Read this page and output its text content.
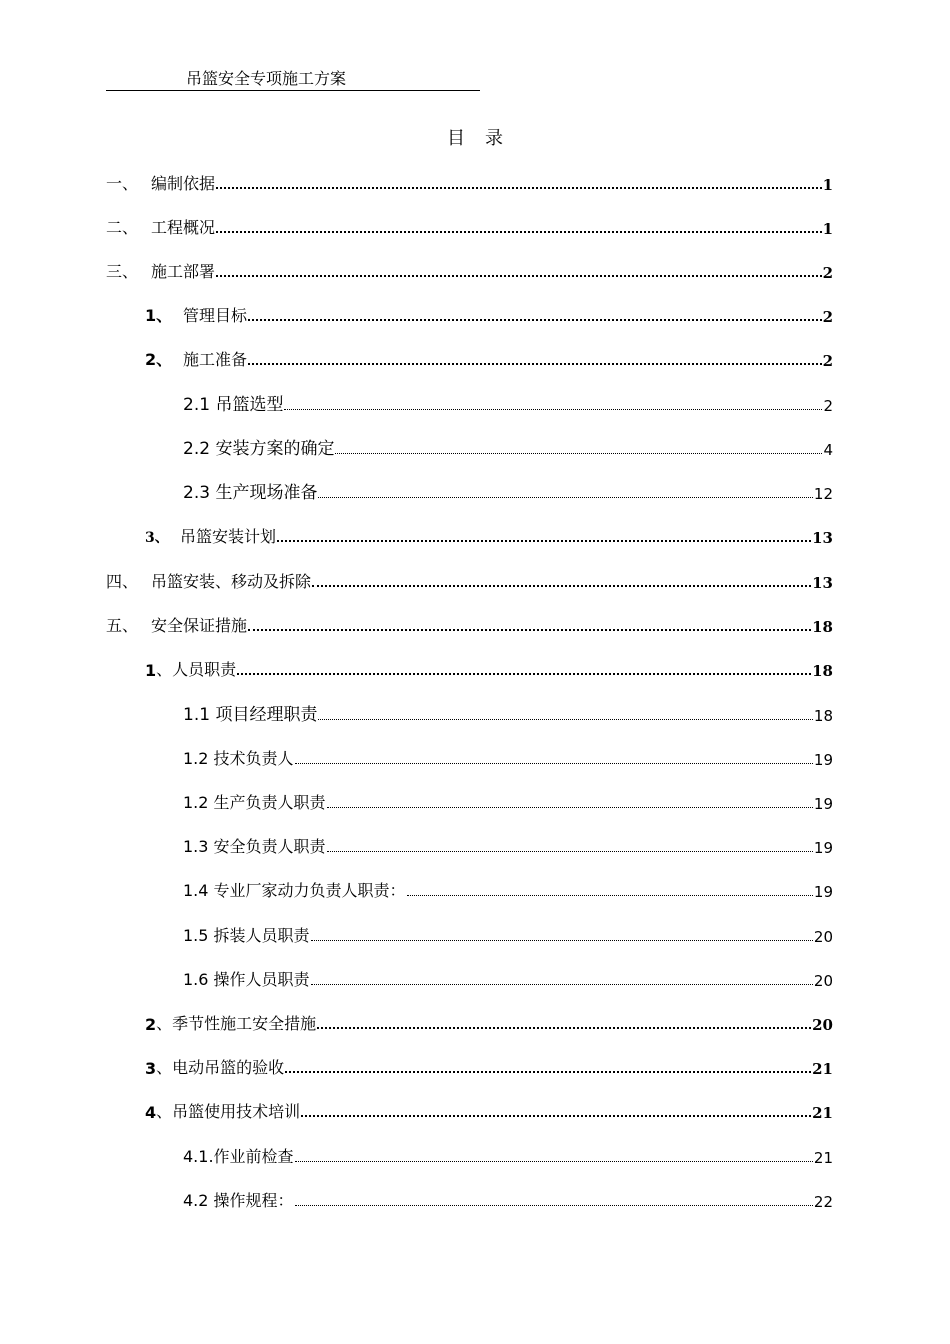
吊篮安全专项施工方案
目录
一、 编制依据	1
二、 工程概况	1
三、 施工部署	2
1、 管理目标	2
2、 施工准备	2
2.1 吊篮选型	2
2.2 安装方案的确定	4
2.3 生产现场准备	12
3、 吊篮安装计划	13
四、 吊篮安装、移动及拆除	13
五、 安全保证措施	18
1 、人员职责	18
1.1 项目经理职责	18
1.2 技术负责人	19
1.2 生产负责人职责	19
1.3 安全负责人职责	19
1.4 专业厂家动力负责人职责：	19
1.5 拆装人员职责	20
1.6 操作人员职责	20
2 、季节性施工安全措施	20
3 、电动吊篮的验收	21
4 、吊篮使用技术培训	21
4.1.作业前检查	21
4.2 操作规程：	22
